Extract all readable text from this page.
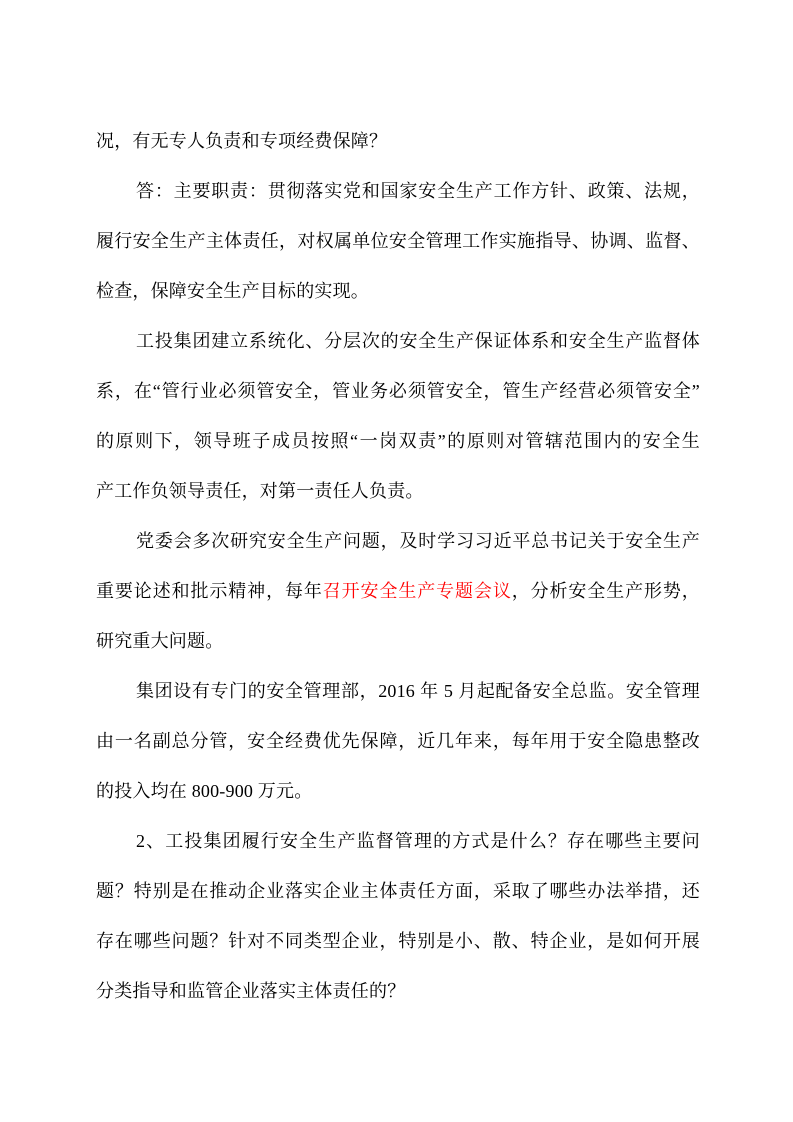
况，有无专人负责和专项经费保障？
答：主要职责：贯彻落实党和国家安全生产工作方针、政策、法规，
履行安全生产主体责任，对权属单位安全管理工作实施指导、协调、监督、
检查，保障安全生产目标的实现。
工投集团建立系统化、分层次的安全生产保证体系和安全生产监督体
系，在“管行业必须管安全，管业务必须管安全，管生产经营必须管安全”
的原则下，领导班子成员按照“一岗双责”的原则对管辖范围内的安全生
产工作负领导责任，对第一责任人负责。
党委会多次研究安全生产问题，及时学习习近平总书记关于安全生产
重要论述和批示精神，每年召开安全生产专题会议，分析安全生产形势，
研究重大问题。
集团设有专门的安全管理部，2016 年 5 月起配备安全总监。安全管理
由一名副总分管，安全经费优先保障，近几年来，每年用于安全隐患整改
的投入均在 800-900 万元。
2、工投集团履行安全生产监督管理的方式是什么？存在哪些主要问
题？特别是在推动企业落实企业主体责任方面，采取了哪些办法举措，还
存在哪些问题？针对不同类型企业，特别是小、散、特企业，是如何开展
分类指导和监管企业落实主体责任的？
